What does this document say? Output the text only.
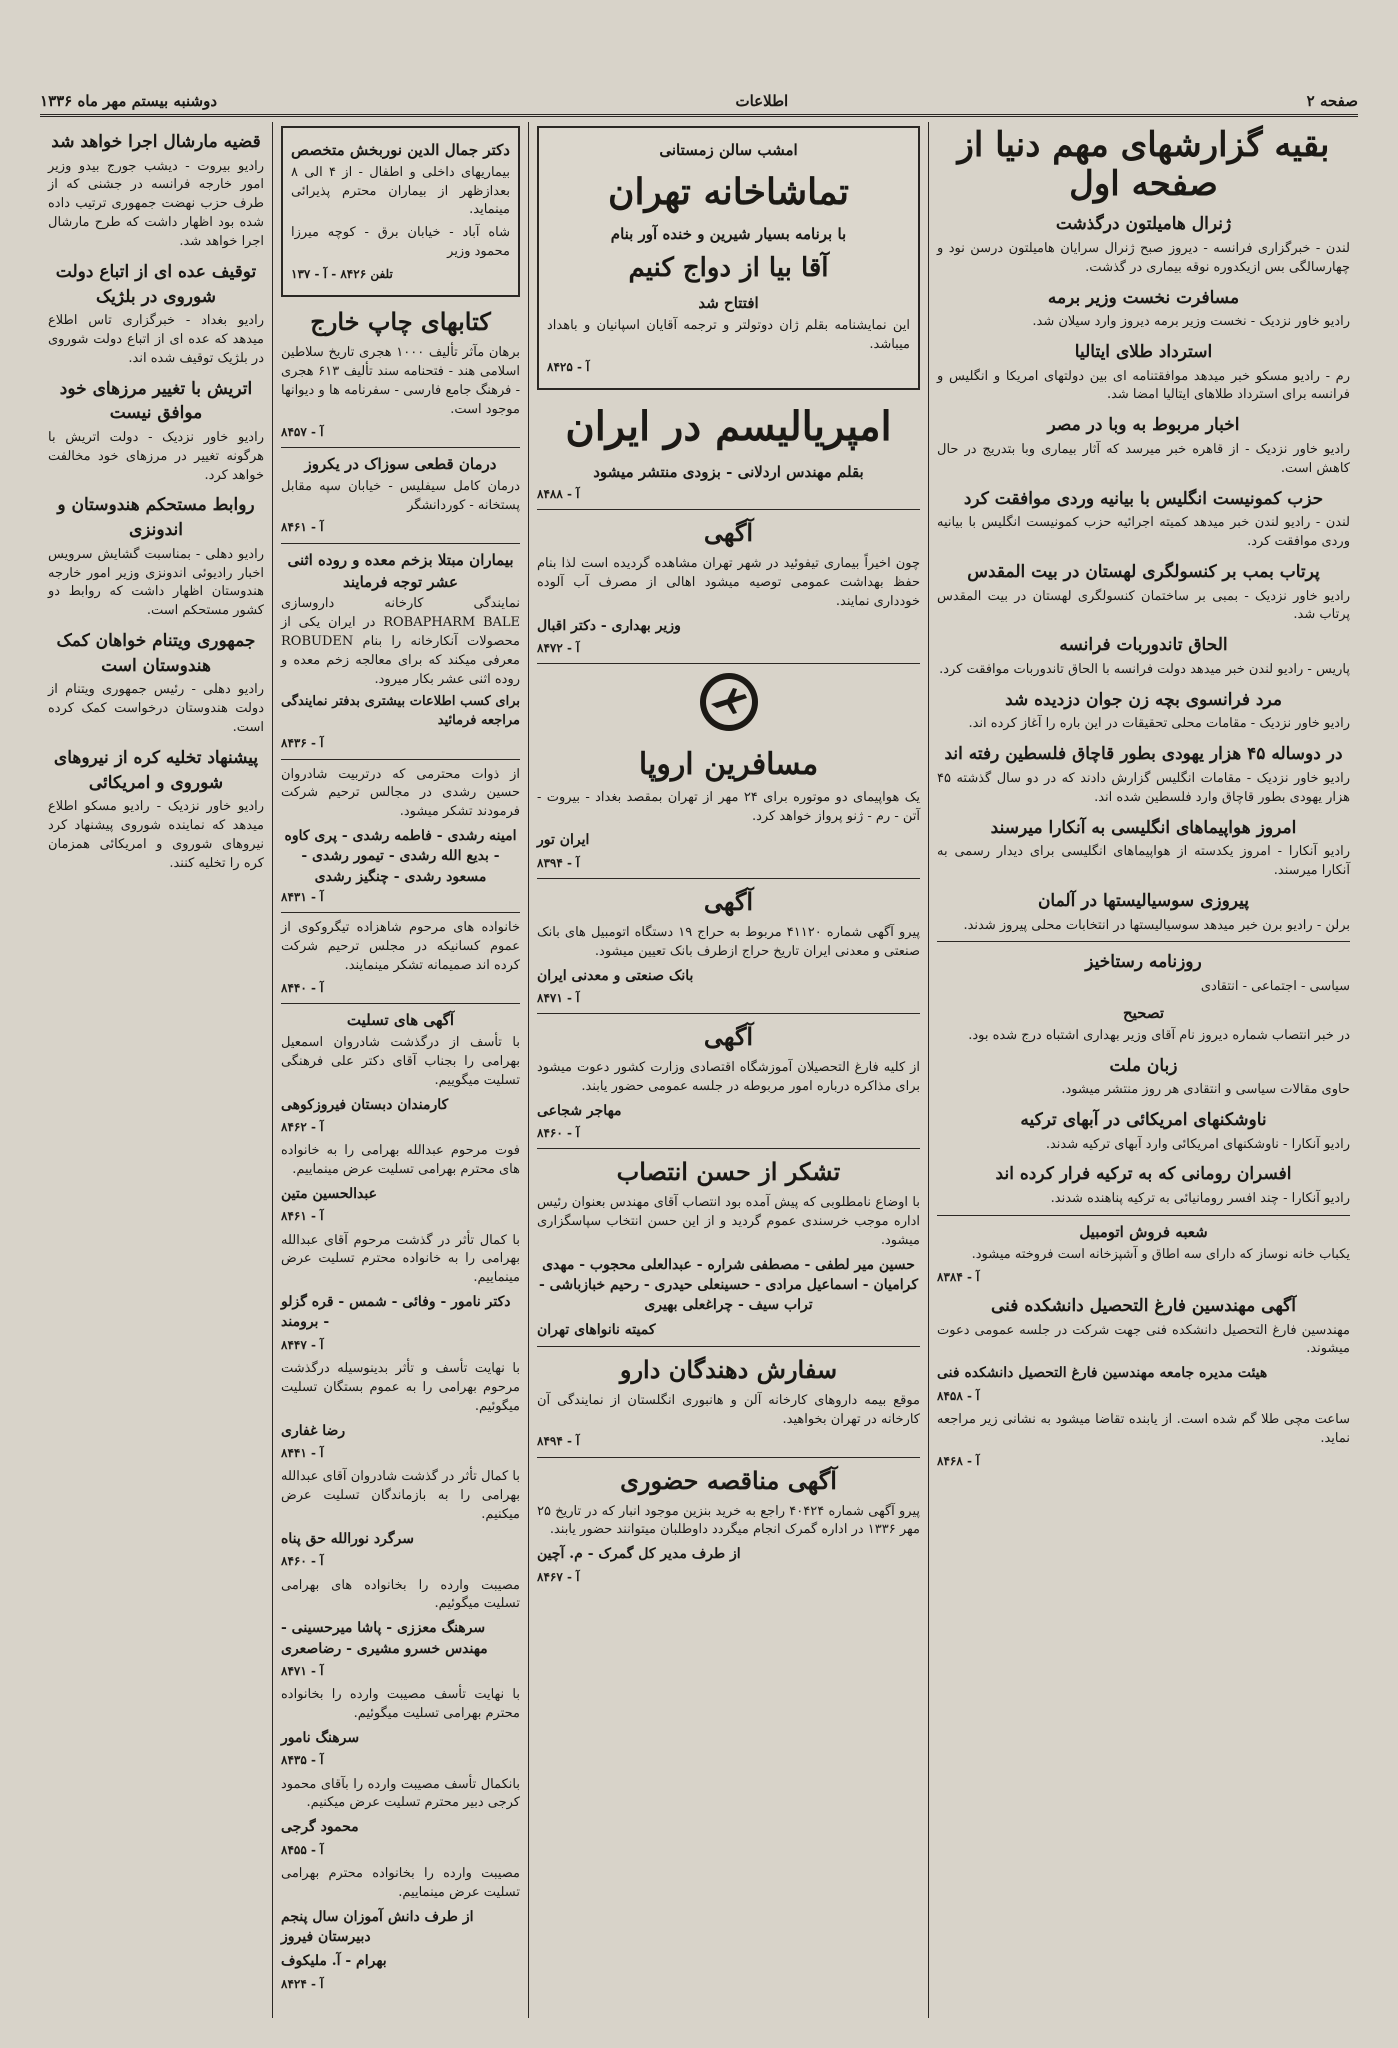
صفحه ۲
اطلاعات
دوشنبه بیستم مهر ماه ۱۳۳۶
بقیه گزارشهای مهم دنیا از صفحه اول
ژنرال هامیلتون درگذشت

لندن - خبرگزاری فرانسه - دیروز صبح ژنرال سرایان هامیلتون درسن نود و چهارسالگی بس ازیکدوره نوقه بیماری در گذشت.

مسافرت نخست وزیر برمه

رادیو خاور نزدیک - نخست وزیر برمه دیروز وارد سیلان شد.

استرداد طلای ایتالیا

رم - رادیو مسکو خبر میدهد موافقتنامه ای بین دولتهای امریکا و انگلیس و فرانسه برای استرداد طلاهای ایتالیا امضا شد.

اخبار مربوط به وبا در مصر

رادیو خاور نزدیک - از قاهره خبر میرسد که آثار بیماری وبا بتدریج در حال کاهش است.

حزب کمونیست انگلیس با بیانیه وردی موافقت کرد

لندن - رادیو لندن خبر میدهد کمیته اجرائیه حزب کمونیست انگلیس با بیانیه وردی موافقت کرد.

پرتاب بمب بر کنسولگری لهستان در بیت المقدس

رادیو خاور نزدیک - بمبی بر ساختمان کنسولگری لهستان در بیت المقدس پرتاب شد.

الحاق تاندوربات فرانسه

پاریس - رادیو لندن خبر میدهد دولت فرانسه با الحاق تاندوربات موافقت کرد.

مرد فرانسوی بچه زن جوان دزدیده شد

رادیو خاور نزدیک - مقامات محلی تحقیقات در این باره را آغاز کرده اند.

در دوساله ۴۵ هزار یهودی بطور قاچاق فلسطین رفته اند

رادیو خاور نزدیک - مقامات انگلیس گزارش دادند که در دو سال گذشته ۴۵ هزار یهودی بطور قاچاق وارد فلسطین شده اند.

امروز هواپیماهای انگلیسی به آنکارا میرسند

رادیو آنکارا - امروز یکدسته از هواپیماهای انگلیسی برای دیدار رسمی به آنکارا میرسند.

پیروزی سوسیالیستها در آلمان

برلن - رادیو برن خبر میدهد سوسیالیستها در انتخابات محلی پیروز شدند.

روزنامه رستاخیز

سیاسی - اجتماعی - انتقادی

تصحیح

در خبر انتصاب شماره دیروز نام آقای وزیر بهداری اشتباه درج شده بود.

زبان ملت

حاوی مقالات سیاسی و انتقادی هر روز منتشر میشود.

ناوشکنهای امریکائی در آبهای ترکیه

رادیو آنکارا - ناوشکنهای امریکائی وارد آبهای ترکیه شدند.

افسران رومانی که به ترکیه فرار کرده اند

رادیو آنکارا - چند افسر رومانیائی به ترکیه پناهنده شدند.

شعبه فروش اتومبیل

یکباب خانه نوساز که دارای سه اطاق و آشپزخانه است فروخته میشود.

آ - ۸۳۸۴
آگهی مهندسین فارغ التحصیل دانشکده فنی

مهندسین فارغ التحصیل دانشکده فنی جهت شرکت در جلسه عمومی دعوت میشوند.

هیئت مدیره جامعه مهندسین فارغ التحصیل دانشکده فنی
آ - ۸۴۵۸

ساعت مچی طلا گم شده است. از یابنده تقاضا میشود به نشانی زیر مراجعه نماید.

آ - ۸۴۶۸
امشب سالن زمستانی
تماشاخانه تهران
با برنامه بسیار شیرین و خنده آور بنام
آقا بیا از دواج کنیم
افتتاح شد

این نمایشنامه بقلم ژان دوتولتر و ترجمه آقایان اسپانیان و باهداد میباشد.

آ - ۸۴۲۵
امپریالیسم در ایران
بقلم مهندس اردلانی - بزودی منتشر میشود
آ - ۸۴۸۸
آگهی

چون اخیراً بیماری تیفوئید در شهر تهران مشاهده گردیده است لذا بنام حفظ بهداشت عمومی توصیه میشود اهالی از مصرف آب آلوده خودداری نمایند.

وزیر بهداری - دکتر اقبال
آ - ۸۴۷۲
مسافرین اروپا

یک هواپیمای دو موتوره برای ۲۴ مهر از تهران بمقصد بغداد - بیروت - آتن - رم - ژنو پرواز خواهد کرد.

ایران تور
آ - ۸۳۹۴
آگهی

پیرو آگهی شماره ۴۱۱۲۰ مربوط به حراج ۱۹ دستگاه اتومبیل های بانک صنعتی و معدنی ایران تاریخ حراج ازطرف بانک تعیین میشود.

بانک صنعتی و معدنی ایران
آ - ۸۴۷۱
آگهی

از کلیه فارغ التحصیلان آموزشگاه اقتصادی وزارت کشور دعوت میشود برای مذاکره درباره امور مربوطه در جلسه عمومی حضور یابند.

مهاجر شجاعی
آ - ۸۴۶۰
تشکر از حسن انتصاب

با اوضاع نامطلوبی که پیش آمده بود انتصاب آقای مهندس بعنوان رئیس اداره موجب خرسندی عموم گردید و از این حسن انتخاب سپاسگزاری میشود.

حسین میر لطفی - مصطفی شراره - عبدالعلی محجوب - مهدی کرامیان - اسماعیل مرادی - حسینعلی حیدری - رحیم خبازباشی - تراب سیف - چراغعلی بهیری
کمیته نانواهای تهران
سفارش دهندگان دارو

موقع بیمه داروهای کارخانه آلن و هانبوری انگلستان از نمایندگی آن کارخانه در تهران بخواهید.

آ - ۸۴۹۴
آگهی مناقصه حضوری

پیرو آگهی شماره ۴۰۴۲۴ راجع به خرید بنزین موجود انبار که در تاریخ ۲۵ مهر ۱۳۳۶ در اداره گمرک انجام میگردد داوطلبان میتوانند حضور یابند.

از طرف مدیر کل گمرک - م. آچین
آ - ۸۴۶۷
دکتر جمال الدین نوربخش متخصص

بیماریهای داخلی و اطفال - از ۴ الی ۸ بعدازظهر از بیماران محترم پذیرائی مینماید.

شاه آباد - خیابان برق - کوچه میرزا محمود وزیر

تلفن ۸۴۲۶ - آ - ۱۳۷
کتابهای چاپ خارج

برهان مآثر تألیف ۱۰۰۰ هجری تاریخ سلاطین اسلامی هند - فتحنامه سند تألیف ۶۱۳ هجری - فرهنگ جامع فارسی - سفرنامه ها و دیوانها موجود است.

آ - ۸۴۵۷
درمان قطعی سوزاک در یکروز

درمان کامل سیفلیس - خیابان سپه مقابل پستخانه - کوردانشگر

آ - ۸۴۶۱
بیماران مبتلا بزخم معده و روده اثنی عشر توجه فرمایند

نمایندگی کارخانه داروسازی ROBAPHARM BALE در ایران یکی از محصولات آنکارخانه را بنام ROBUDEN معرفی میکند که برای معالجه زخم معده و روده اثنی عشر بکار میرود.

برای کسب اطلاعات بیشتری بدفتر نمایندگی مراجعه فرمائید

آ - ۸۴۳۶

از ذوات محترمی که درتربیت شادروان حسین رشدی در مجالس ترحیم شرکت فرمودند تشکر میشود.

امینه رشدی - فاطمه رشدی - پری کاوه - بدیع الله رشدی - تیمور رشدی - مسعود رشدی - چنگیز رشدی
آ - ۸۴۳۱

خانواده های مرحوم شاهزاده تیگروکوی از عموم کسانیکه در مجلس ترحیم شرکت کرده اند صمیمانه تشکر مینمایند.

آ - ۸۴۴۰
آگهی های تسلیت

با تأسف از درگذشت شادروان اسمعیل بهرامی را بجناب آقای دکتر علی فرهنگی تسلیت میگوییم.

کارمندان دبستان فیروزکوهی
آ - ۸۴۶۲

فوت مرحوم عبدالله بهرامی را به خانواده های محترم بهرامی تسلیت عرض مینماییم.

عبدالحسین متین
آ - ۸۴۶۱

با کمال تأثر در گذشت مرحوم آقای عبدالله بهرامی را به خانواده محترم تسلیت عرض مینماییم.

دکتر نامور - وفائی - شمس - قره گزلو - برومند
آ - ۸۴۴۷

با نهایت تأسف و تأثر بدینوسیله درگذشت مرحوم بهرامی را به عموم بستگان تسلیت میگوئیم.

رضا غفاری
آ - ۸۴۴۱

با کمال تأثر در گذشت شادروان آقای عبدالله بهرامی را به بازماندگان تسلیت عرض میکنیم.

سرگرد نورالله حق پناه
آ - ۸۴۶۰

مصیبت وارده را بخانواده های بهرامی تسلیت میگوئیم.

سرهنگ معززی - پاشا میرحسینی - مهندس خسرو مشیری - رضاصعری
آ - ۸۴۷۱

با نهایت تأسف مصیبت وارده را بخانواده محترم بهرامی تسلیت میگوئیم.

سرهنگ نامور
آ - ۸۴۳۵

بانکمال تأسف مصیبت وارده را بآقای محمود کرجی دبیر محترم تسلیت عرض میکنیم.

محمود گرجی
آ - ۸۴۵۵

مصیبت وارده را بخانواده محترم بهرامی تسلیت عرض مینماییم.

از طرف دانش آموزان سال پنجم دبیرستان فیروز
بهرام - آ. ملیکوف
آ - ۸۴۲۴
قضیه مارشال اجرا خواهد شد

رادیو بیروت - دیشب جورج بیدو وزیر امور خارجه فرانسه در جشنی که از طرف حزب نهضت جمهوری ترتیب داده شده بود اظهار داشت که طرح مارشال اجرا خواهد شد.

توقیف عده ای از اتباع دولت شوروی در بلژیک

رادیو بغداد - خبرگزاری تاس اطلاع میدهد که عده ای از اتباع دولت شوروی در بلژیک توقیف شده اند.

اتریش با تغییر مرزهای خود موافق نیست

رادیو خاور نزدیک - دولت اتریش با هرگونه تغییر در مرزهای خود مخالفت خواهد کرد.

روابط مستحکم هندوستان و اندونزی

رادیو دهلی - بمناسبت گشایش سرویس اخبار رادیوئی اندونزی وزیر امور خارجه هندوستان اظهار داشت که روابط دو کشور مستحکم است.

جمهوری ویتنام خواهان کمک هندوستان است

رادیو دهلی - رئیس جمهوری ویتنام از دولت هندوستان درخواست کمک کرده است.

پیشنهاد تخلیه کره از نیروهای شوروی و امریکائی

رادیو خاور نزدیک - رادیو مسکو اطلاع میدهد که نماینده شوروی پیشنهاد کرد نیروهای شوروی و امریکائی همزمان کره را تخلیه کنند.
